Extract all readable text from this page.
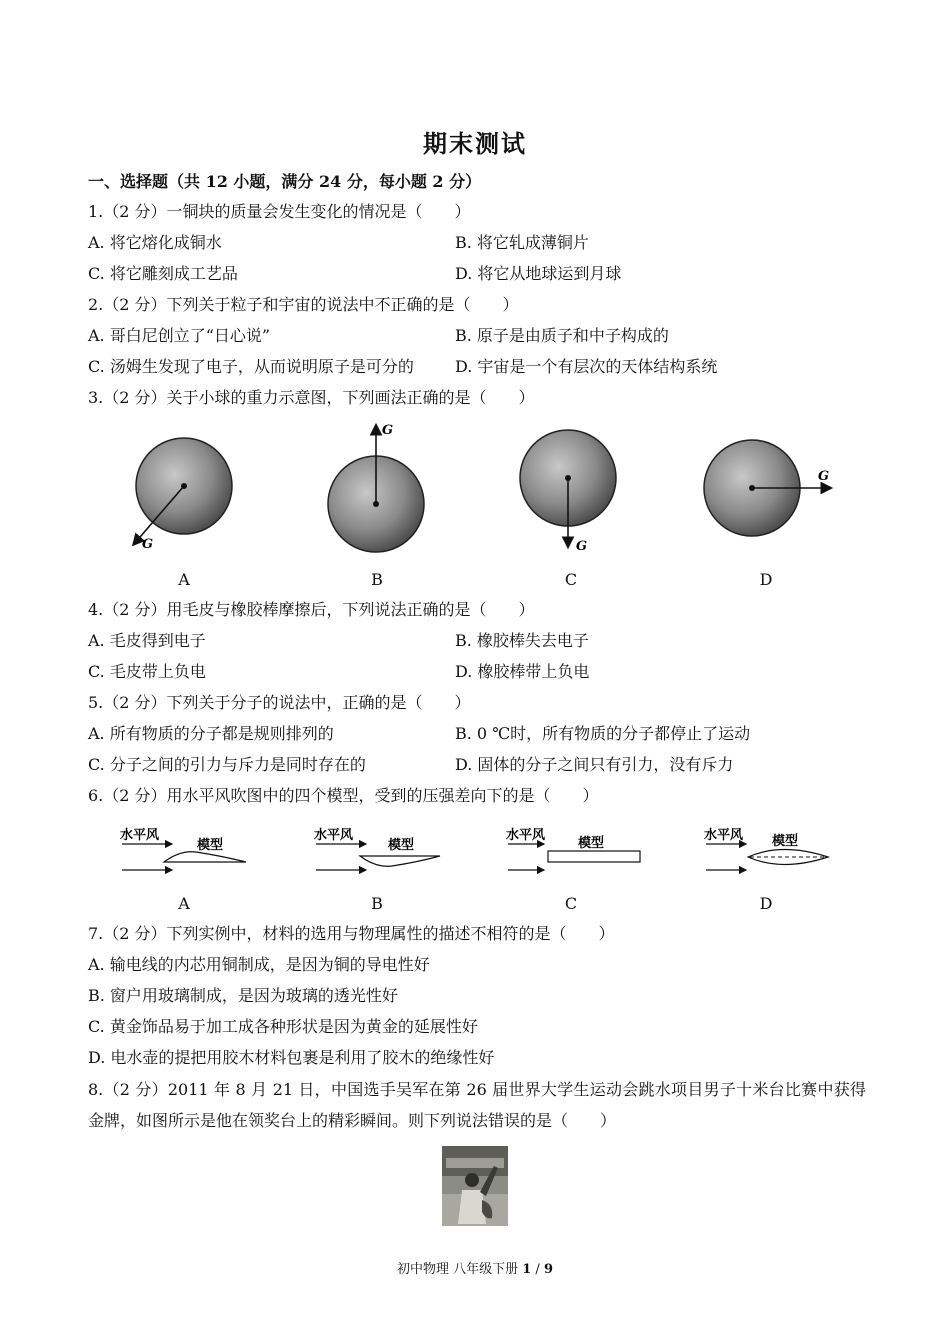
期末测试
一、选择题（共 12 小题，满分 24 分，每小题 2 分）
1.（2 分）一铜块的质量会发生变化的情况是（　　）
A. 将它熔化成铜水	B. 将它轧成薄铜片
C. 将它雕刻成工艺品	D. 将它从地球运到月球
2.（2 分）下列关于粒子和宇宙的说法中不正确的是（　　）
A. 哥白尼创立了“日心说”	B. 原子是由质子和中子构成的
C. 汤姆生发现了电子，从而说明原子是可分的	D. 宇宙是一个有层次的天体结构系统
3.（2 分）关于小球的重力示意图，下列画法正确的是（　　）
G
G
G
G
A	B	C	D
4.（2 分）用毛皮与橡胶棒摩擦后，下列说法正确的是（　　）
A. 毛皮得到电子	B. 橡胶棒失去电子
C. 毛皮带上负电	D. 橡胶棒带上负电
5.（2 分）下列关于分子的说法中，正确的是（　　）
A. 所有物质的分子都是规则排列的	B. 0 ℃时，所有物质的分子都停止了运动
C. 分子之间的引力与斥力是同时存在的	D. 固体的分子之间只有引力，没有斥力
6.（2 分）用水平风吹图中的四个模型，受到的压强差向下的是（　　）
水平风
模型
水平风
模型
水平风
模型
水平风 模型
A	B	C	D
7.（2 分）下列实例中，材料的选用与物理属性的描述不相符的是（　　）
A. 输电线的内芯用铜制成，是因为铜的导电性好
B. 窗户用玻璃制成，是因为玻璃的透光性好
C. 黄金饰品易于加工成各种形状是因为黄金的延展性好
D. 电水壶的提把用胶木材料包裹是利用了胶木的绝缘性好
8.（2 分）2011 年 8 月 21 日，中国选手吴军在第 26 届世界大学生运动会跳水项目男子十米台比赛中获得金牌，如图所示是他在领奖台上的精彩瞬间。则下列说法错误的是（　　）
初中物理 八年级下册 1 / 9
